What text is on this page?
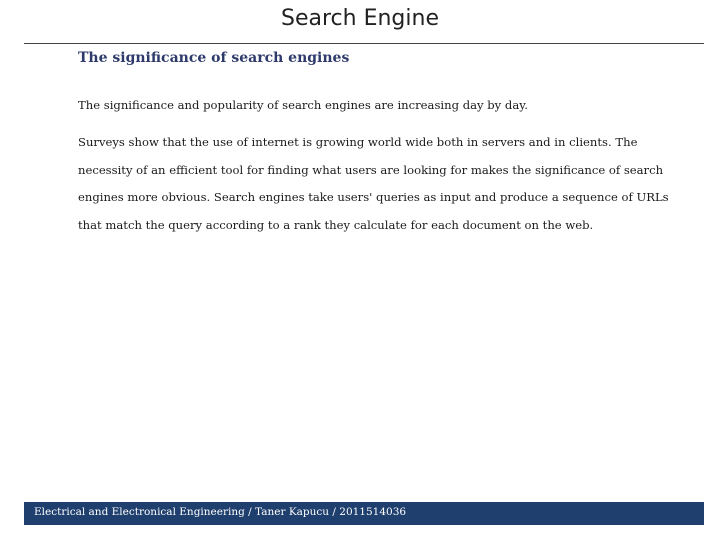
Search Engine
The significance of search engines

The significance and popularity of search engines are increasing day by day.

Surveys show that the use of internet is growing world wide both in servers and in clients. The necessity of an efficient tool for finding what users are looking for makes the significance of search engines more obvious. Search engines take users' queries as input and produce a sequence of URLs that match the query according to a rank they calculate for each document on the web.

Electrical and Electronical Engineering / Taner Kapucu / 2011514036
